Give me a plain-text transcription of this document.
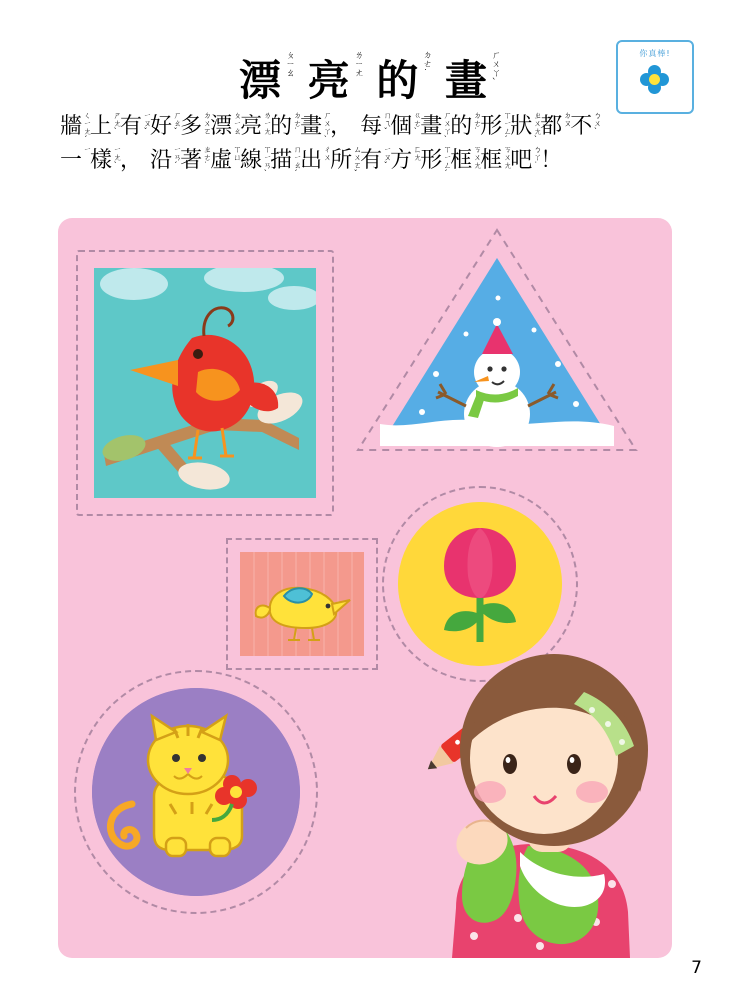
漂 ㄆㄧㄠ 亮 ㄌㄧㄤ 的 ㄉㄜ˙ 畫 ㄏㄨㄚˋ
你真棒!
牆 ㄑㄧㄤˊ
上 ㄕㄤˋ 有 ㄧㄡˇ 好 ㄏㄠˇ 多 ㄉㄨㄛ
漂 ㄆㄧㄠ
亮 ㄌㄧㄤ
的 ㄉㄜ˙ 畫 ㄏㄨㄚˋ
， 每 ㄇㄟˇ 個 ㄍㄜˋ 畫 ㄏㄨㄚˋ
的 ㄉㄜ˙ 形 ㄒㄧㄥˊ
狀 ㄓㄨㄤˋ
都 ㄉㄡ
不 ㄅㄨˋ
一 ㄧ
樣 ㄧㄤˋ ， 沿 ㄧㄢˊ 著 ㄓㄜ˙ 虛 ㄒㄩ
線 ㄒㄧㄢˋ
描 ㄇㄧㄠˊ
出 ㄔㄨ
所 ㄙㄨㄛˇ
有 ㄧㄡˇ 方 ㄈㄤ
形 ㄒㄧㄥˊ
框 ㄎㄨㄤ
框 ㄎㄨㄤ
吧 ㄅㄚ˙ ！
7
